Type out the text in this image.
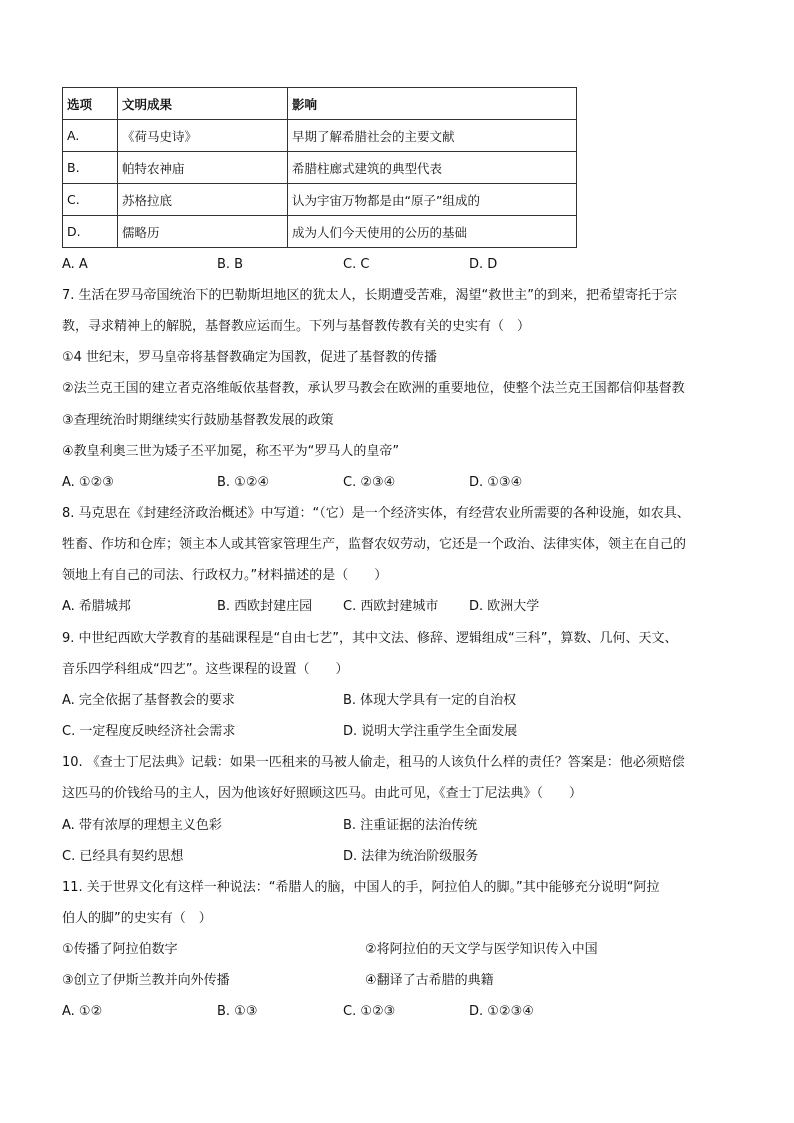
选项	文明成果	影响
A.	《荷马史诗》	早期了解希腊社会的主要文献
B.	帕特农神庙	希腊柱廊式建筑的典型代表
C.	苏格拉底	认为宇宙万物都是由“原子”组成的
D.	儒略历	成为人们今天使用的公历的基础
A. A	B. B	C. C	D. D
7. 生活在罗马帝国统治下的巴勒斯坦地区的犹太人，长期遭受苦难，渴望“救世主”的到来，把希望寄托于宗
教，寻求精神上的解脱，基督教应运而生。下列与基督教传教有关的史实有（　）
①4 世纪末，罗马皇帝将基督教确定为国教，促进了基督教的传播
②法兰克王国的建立者克洛维皈依基督教，承认罗马教会在欧洲的重要地位，使整个法兰克王国都信仰基督教
③查理统治时期继续实行鼓励基督教发展的政策
④教皇利奥三世为矮子丕平加冕，称丕平为“罗马人的皇帝”
A. ①②③	B. ①②④	C. ②③④	D. ①③④
8. 马克思在《封建经济政治概述》中写道：“（它）是一个经济实体，有经营农业所需要的各种设施，如农具、
牲畜、作坊和仓库；领主本人或其管家管理生产，监督农奴劳动，它还是一个政治、法律实体，领主在自己的
领地上有自己的司法、行政权力。”材料描述的是（　　）
A. 希腊城邦	B. 西欧封建庄园 C. 西欧封建城市 D. 欧洲大学
9. 中世纪西欧大学教育的基础课程是“自由七艺”，其中文法、修辞、逻辑组成“三科”，算数、几何、天文、
音乐四学科组成“四艺”。这些课程的设置（　　）
A. 完全依据了基督教会的要求	B. 体现大学具有一定的自治权
C. 一定程度反映经济社会需求	D. 说明大学注重学生全面发展
10. 《查士丁尼法典》记载：如果一匹租来的马被人偷走，租马的人该负什么样的责任？答案是：他必须赔偿
这匹马的价钱给马的主人，因为他该好好照顾这匹马。由此可见，《查士丁尼法典》（　　）
A. 带有浓厚的理想主义色彩	B. 注重证据的法治传统
C. 已经具有契约思想	D. 法律为统治阶级服务
11. 关于世界文化有这样一种说法：“希腊人的脑，中国人的手，阿拉伯人的脚。”其中能够充分说明“阿拉
伯人的脚”的史实有（　）
①传播了阿拉伯数字	②将阿拉伯的天文学与医学知识传入中国
③创立了伊斯兰教并向外传播	④翻译了古希腊的典籍
A. ①②	B. ①③	C. ①②③	D. ①②③④
